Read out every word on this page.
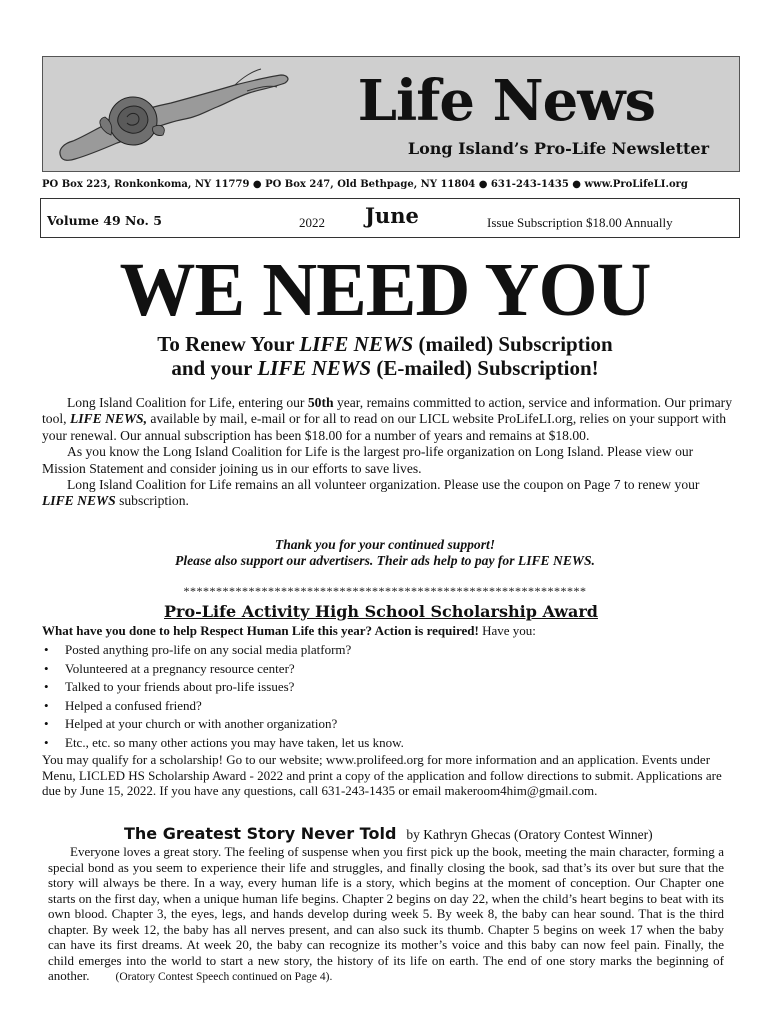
Life News
Long Island’s Pro-Life Newsletter
PO Box 223, Ronkonkoma, NY 11779 ● PO Box 247, Old Bethpage, NY 11804 ● 631-243-1435 ● www.ProLifeLI.org
Volume 49 No. 5	2022 June	Issue Subscription $18.00 Annually
WE NEED YOU
To Renew Your LIFE NEWS (mailed) Subscription
and your LIFE NEWS (E-mailed) Subscription!

Long Island Coalition for Life, entering our 50th year, remains committed to action, service and information. Our primary tool, LIFE NEWS, available by mail, e-mail or for all to read on our LICL website ProLifeLI.org, relies on your support with your renewal. Our annual subscription has been $18.00 for a number of years and remains at $18.00.

As you know the Long Island Coalition for Life is the largest pro-life organization on Long Island. Please view our Mission Statement and consider joining us in our efforts to save lives.

Long Island Coalition for Life remains an all volunteer organization. Please use the coupon on Page 7 to renew your LIFE NEWS subscription.

Thank you for your continued support!
Please also support our advertisers. Their ads help to pay for LIFE NEWS.
**************************************************************
Pro-Life Activity High School Scholarship Award
What have you done to help Respect Human Life this year? Action is required! Have you:
• Posted anything pro-life on any social media platform?
• Volunteered at a pregnancy resource center?
• Talked to your friends about pro-life issues?
• Helped a confused friend?
• Helped at your church or with another organization?
• Etc., etc. so many other actions you may have taken, let us know.
You may qualify for a scholarship! Go to our website; www.prolifeed.org for more information and an application. Events under Menu, LICLED HS Scholarship Award - 2022 and print a copy of the application and follow directions to submit. Applications are due by June 15, 2022. If you have any questions, call 631-243-1435 or email makeroom4him@gmail.com.
The Greatest Story Never Told by Kathryn Ghecas (Oratory Contest Winner)

Everyone loves a great story. The feeling of suspense when you first pick up the book, meeting the main character, forming a special bond as you seem to experience their life and struggles, and finally closing the book, sad that’s its over but sure that the story will always be there. In a way, every human life is a story, which begins at the moment of conception. Our Chapter one starts on the first day, when a unique human life begins. Chapter 2 begins on day 22, when the child’s heart begins to beat with its own blood. Chapter 3, the eyes, legs, and hands develop during week 5. By week 8, the baby can hear sound. That is the third chapter. By week 12, the baby has all nerves present, and can also suck its thumb. Chapter 5 begins on week 17 when the baby can have its first dreams. At week 20, the baby can recognize its mother’s voice and this baby can now feel pain. Finally, the child emerges into the world to start a new story, the history of its life on earth. The end of one story marks the beginning of another. (Oratory Contest Speech continued on Page 4).
